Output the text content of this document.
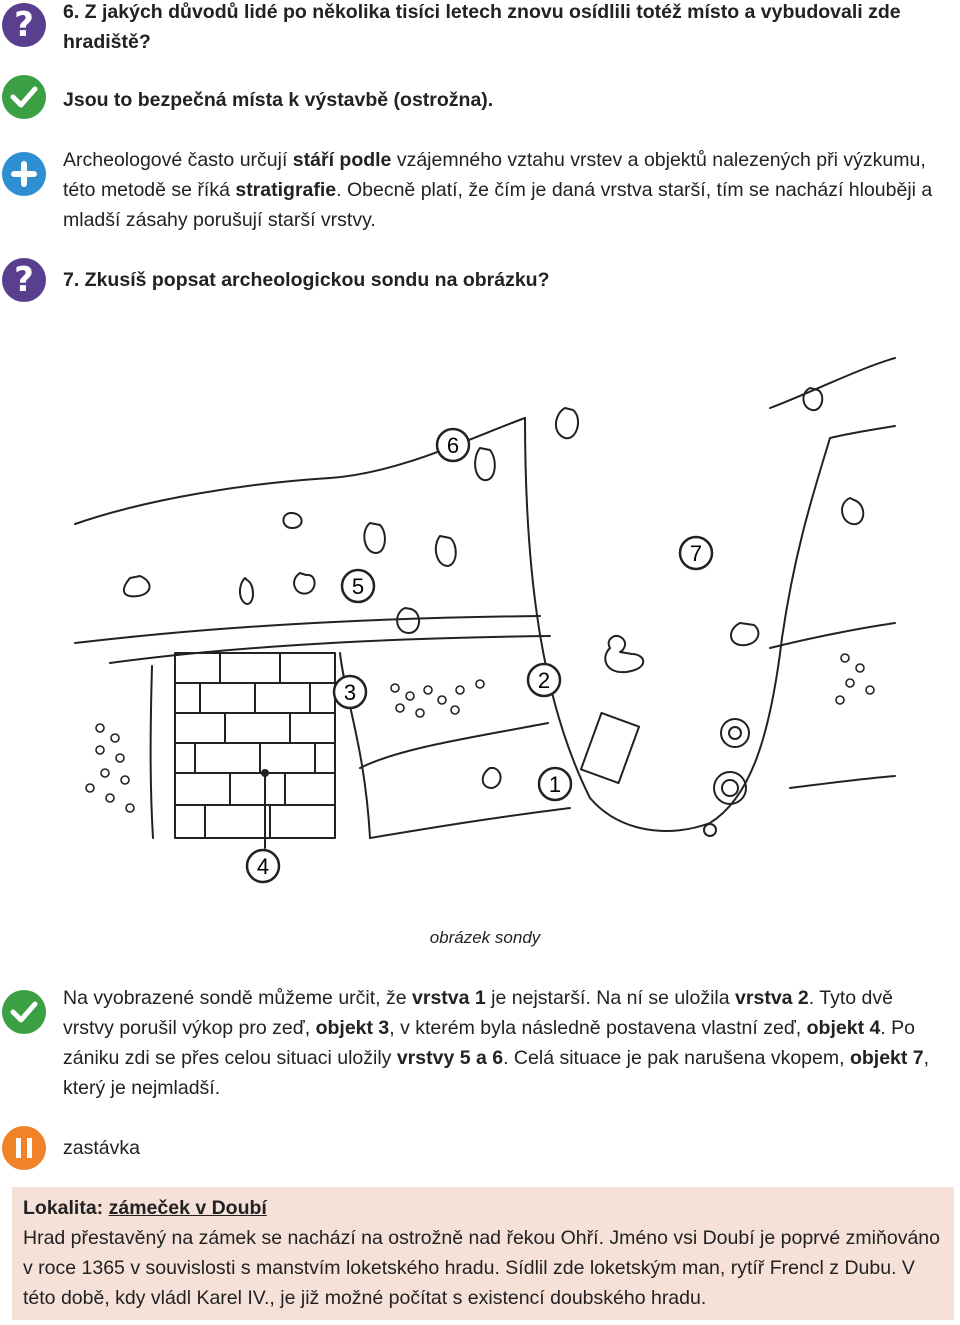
?	6. Z jakých důvodů lidé po několika tisíci letech znovu osídlili totéž místo a vybudovali zde hradiště?
Jsou to bezpečná místa k výstavbě (ostrožna).
Archeologové často určují stáří podle vzájemného vztahu vrstev a objektů nalezených při výzkumu, této metodě se říká stratigrafie. Obecně platí, že čím je daná vrstva starší, tím se nachází hlouběji a mladší zásahy porušují starší vrstvy.
?	7. Zkusíš popsat archeologickou sondu na obrázku?
1
2
3
4
5
6
7
obrázek sondy
Na vyobrazené sondě můžeme určit, že vrstva 1 je nejstarší. Na ní se uložila vrstva 2. Tyto dvě vrstvy porušil výkop pro zeď, objekt 3, v kterém byla následně postavena vlastní zeď, objekt 4. Po zániku zdi se přes celou situaci uložily vrstvy 5 a 6. Celá situace je pak narušena vkopem, objekt 7, který je nejmladší.
zastávka
Lokalita: zámeček v Doubí
Hrad přestavěný na zámek se nachází na ostrožně nad řekou Ohří. Jméno vsi Doubí je poprvé zmiňováno v roce 1365 v souvislosti s manstvím loketského hradu. Sídlil zde loketským man, rytíř Frencl z Dubu. V této době, kdy vládl Karel IV., je již možné počítat s existencí doubského hradu.
